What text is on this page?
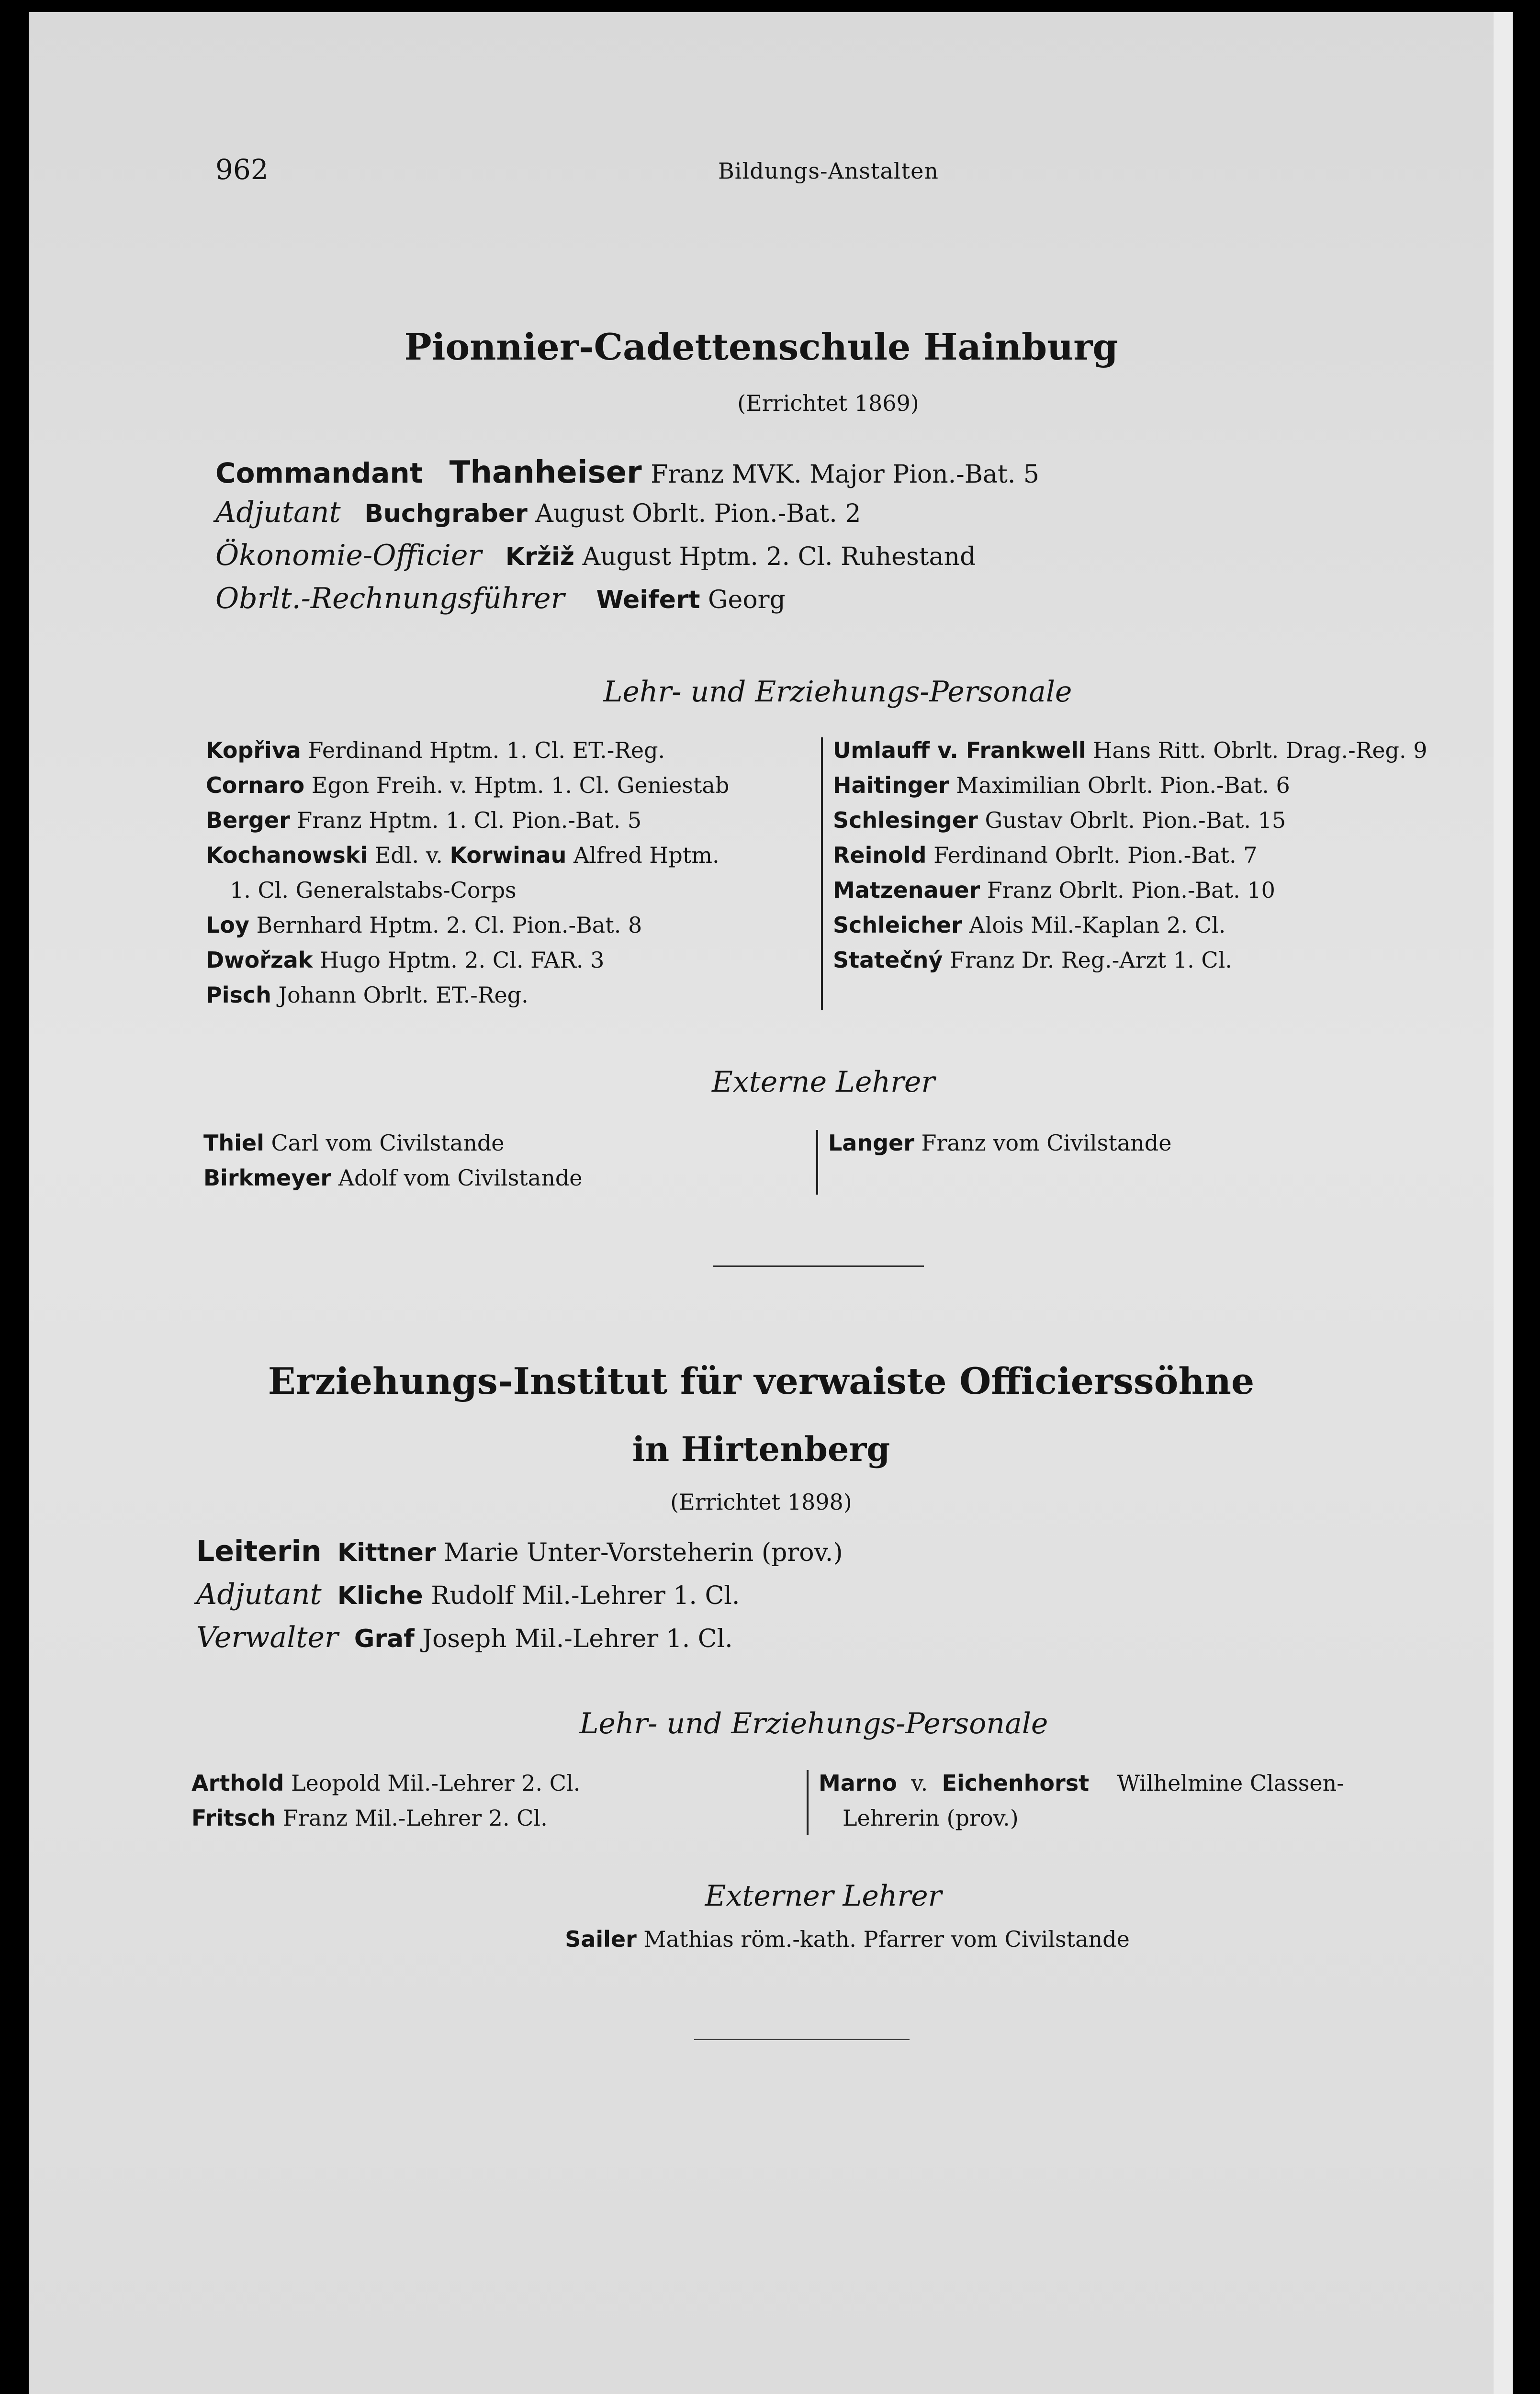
962	Bildungs-Anstalten
Pionnier-Cadettenschule Hainburg
(Errichtet 1869)
Commandant Thanheiser Franz MVK. Major Pion.-Bat. 5
Adjutant Buchgraber August Obrlt. Pion.-Bat. 2
Ökonomie-Officier Kržiž August Hptm. 2. Cl. Ruhestand
Obrlt.-Rechnungsführer Weifert Georg
Lehr- und Erziehungs-Personale
Kopřiva Ferdinand Hptm. 1. Cl. ET.-Reg.
Cornaro Egon Freih. v. Hptm. 1. Cl. Geniestab
Berger Franz Hptm. 1. Cl. Pion.-Bat. 5
Kochanowski Edl. v. Korwinau Alfred Hptm.
1. Cl. Generalstabs-Corps
Loy Bernhard Hptm. 2. Cl. Pion.-Bat. 8
Dwořzak Hugo Hptm. 2. Cl. FAR. 3
Pisch Johann Obrlt. ET.-Reg.
Umlauff v. Frankwell Hans Ritt. Obrlt. Drag.-Reg. 9
Haitinger Maximilian Obrlt. Pion.-Bat. 6
Schlesinger Gustav Obrlt. Pion.-Bat. 15
Reinold Ferdinand Obrlt. Pion.-Bat. 7
Matzenauer Franz Obrlt. Pion.-Bat. 10
Schleicher Alois Mil.-Kaplan 2. Cl.
Statečný Franz Dr. Reg.-Arzt 1. Cl.
Externe Lehrer
Thiel Carl vom Civilstande
Birkmeyer Adolf vom Civilstande
Langer Franz vom Civilstande
Erziehungs-Institut für verwaiste Officierssöhne
in Hirtenberg
(Errichtet 1898)
Leiterin Kittner Marie Unter-Vorsteherin (prov.)
Adjutant Kliche Rudolf Mil.-Lehrer 1. Cl.
Verwalter Graf Joseph Mil.-Lehrer 1. Cl.
Lehr- und Erziehungs-Personale
Arthold Leopold Mil.-Lehrer 2. Cl.
Fritsch Franz Mil.-Lehrer 2. Cl.
Marno v. Eichenhorst Wilhelmine Classen-
Lehrerin (prov.)
Externer Lehrer
Sailer Mathias röm.-kath. Pfarrer vom Civilstande
